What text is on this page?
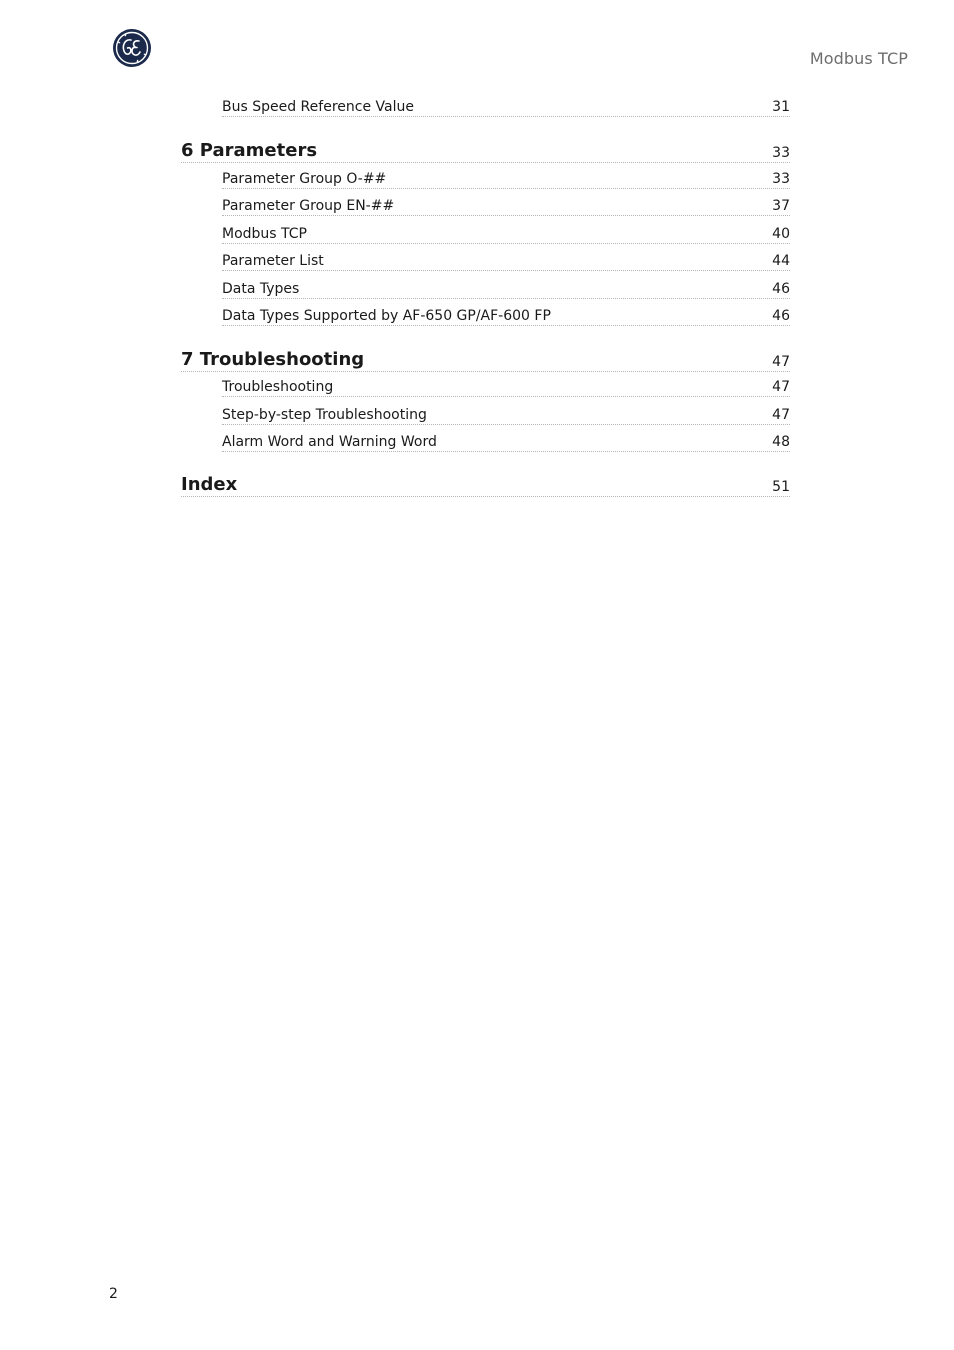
Modbus TCP
Bus Speed Reference Value	31
6 Parameters	33
Parameter Group O-##	33
Parameter Group EN-##	37
Modbus TCP	40
Parameter List	44
Data Types	46
Data Types Supported by AF-650 GP/AF-600 FP	46
7 Troubleshooting	47
Troubleshooting	47
Step-by-step Troubleshooting	47
Alarm Word and Warning Word	48
Index	51
2
